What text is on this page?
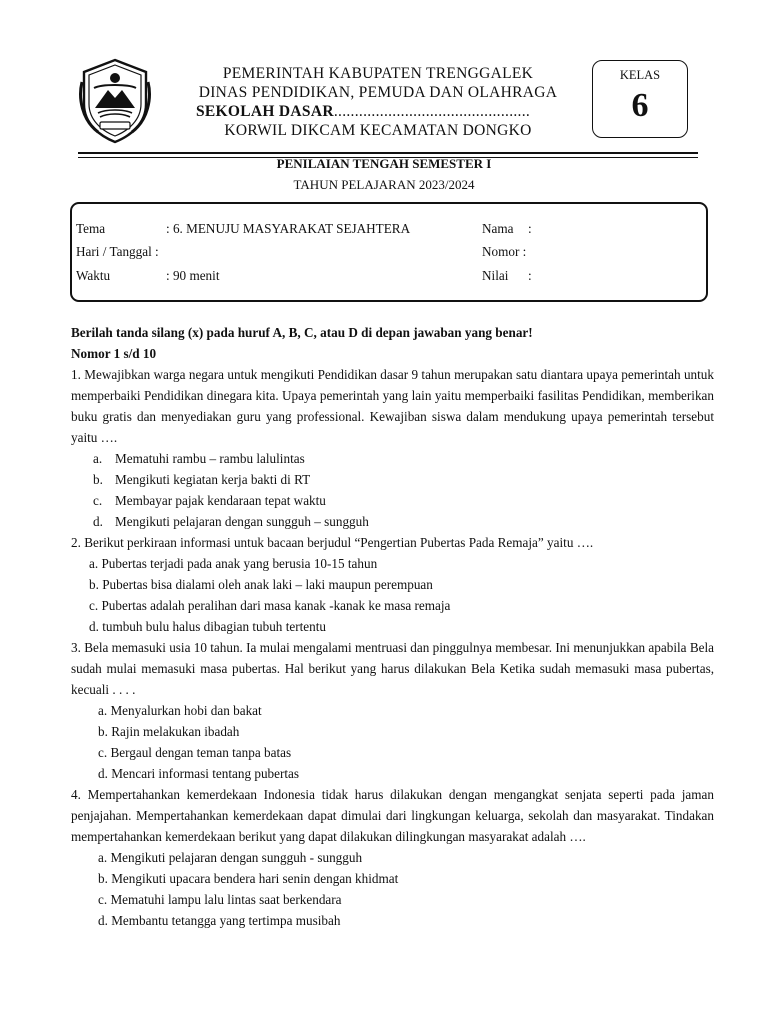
PEMERINTAH KABUPATEN TRENGGALEK
DINAS PENDIDIKAN, PEMUDA DAN OLAHRAGA
SEKOLAH DASAR...............................................
KORWIL DIKCAM KECAMATAN DONGKO
KELAS
6
PENILAIAN TENGAH SEMESTER I
TAHUN PELAJARAN 2023/2024
Tema	: 6. MENUJU MASYARAKAT SEJAHTERA
Hari / Tanggal :
Waktu	: 90 menit
Nama :
Nomor :
Nilai :

Berilah tanda silang (x) pada huruf A, B, C, atau D di depan jawaban yang benar!

Nomor 1 s/d 10

1. Mewajibkan warga negara untuk mengikuti Pendidikan dasar 9 tahun merupakan satu diantara upaya pemerintah untuk memperbaiki Pendidikan dinegara kita. Upaya pemerintah yang lain yaitu memperbaiki fasilitas Pendidikan, memberikan buku gratis dan menyediakan guru yang professional. Kewajiban siswa dalam mendukung upaya pemerintah tersebut yaitu ….

a. Mematuhi rambu – rambu lalulintas
b. Mengikuti kegiatan kerja bakti di RT
c. Membayar pajak kendaraan tepat waktu
d. Mengikuti pelajaran dengan sungguh – sungguh

2. Berikut perkiraan informasi untuk bacaan berjudul “Pengertian Pubertas Pada Remaja” yaitu ….

a. Pubertas terjadi pada anak yang berusia 10-15 tahun
b. Pubertas bisa dialami oleh anak laki – laki maupun perempuan
c. Pubertas adalah peralihan dari masa kanak -kanak ke masa remaja
d. tumbuh bulu halus dibagian tubuh tertentu

3. Bela memasuki usia 10 tahun. Ia mulai mengalami mentruasi dan pinggulnya membesar. Ini menunjukkan apabila Bela sudah mulai memasuki masa pubertas. Hal berikut yang harus dilakukan Bela Ketika sudah memasuki masa pubertas, kecuali . . . .

a. Menyalurkan hobi dan bakat
b. Rajin melakukan ibadah
c. Bergaul dengan teman tanpa batas
d. Mencari informasi tentang pubertas

4. Mempertahankan kemerdekaan Indonesia tidak harus dilakukan dengan mengangkat senjata seperti pada jaman penjajahan. Mempertahankan kemerdekaan dapat dimulai dari lingkungan keluarga, sekolah dan masyarakat. Tindakan mempertahankan kemerdekaan berikut yang dapat dilakukan dilingkungan masyarakat adalah ….

a. Mengikuti pelajaran dengan sungguh - sungguh
b. Mengikuti upacara bendera hari senin dengan khidmat
c. Mematuhi lampu lalu lintas saat berkendara
d. Membantu tetangga yang tertimpa musibah
